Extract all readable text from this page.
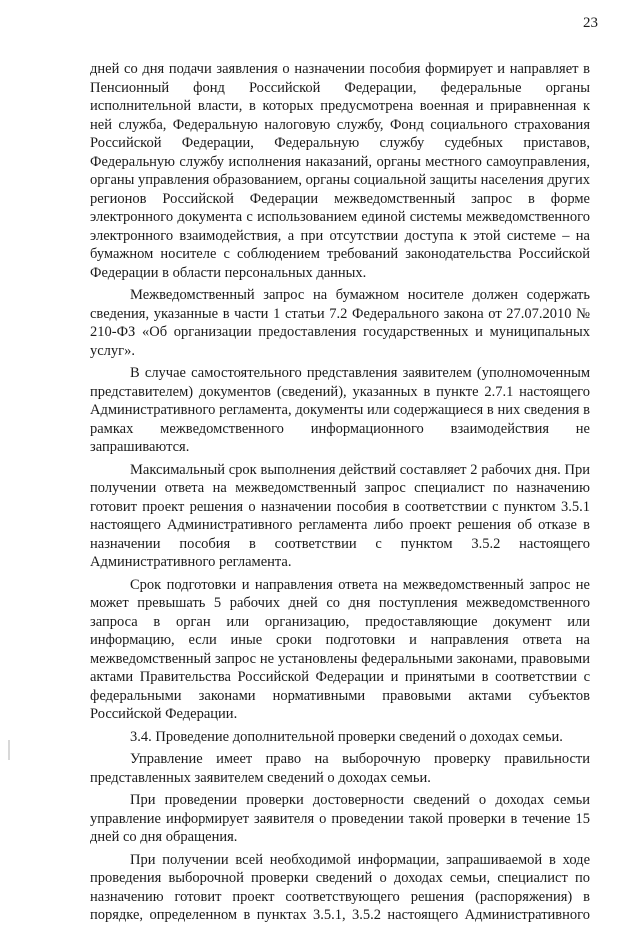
23

дней со дня подачи заявления о назначении пособия формирует и направляет в Пенсионный фонд Российской Федерации, федеральные органы исполнительной власти, в которых предусмотрена военная и приравненная к ней служба, Федеральную налоговую службу, Фонд социального страхования Российской Федерации, Федеральную службу судебных приставов, Федеральную службу исполнения наказаний, органы местного самоуправления, органы управления образованием, органы социальной защиты населения других регионов Российской Федерации межведомственный запрос в форме электронного документа с использованием единой системы межведомственного электронного взаимодействия, а при отсутствии доступа к этой системе – на бумажном носителе с соблюдением требований законодательства Российской Федерации в области персональных данных.

Межведомственный запрос на бумажном носителе должен содержать сведения, указанные в части 1 статьи 7.2 Федерального закона от 27.07.2010 № 210-ФЗ «Об организации предоставления государственных и муниципальных услуг».

В случае самостоятельного представления заявителем (уполномоченным представителем) документов (сведений), указанных в пункте 2.7.1 настоящего Административного регламента, документы или содержащиеся в них сведения в рамках межведомственного информационного взаимодействия не запрашиваются.

Максимальный срок выполнения действий составляет 2 рабочих дня. При получении ответа на межведомственный запрос специалист по назначению готовит проект решения о назначении пособия в соответствии с пунктом 3.5.1 настоящего Административного регламента либо проект решения об отказе в назначении пособия в соответствии с пунктом 3.5.2 настоящего Административного регламента.

Срок подготовки и направления ответа на межведомственный запрос не может превышать 5 рабочих дней со дня поступления межведомственного запроса в орган или организацию, предоставляющие документ или информацию, если иные сроки подготовки и направления ответа на межведомственный запрос не установлены федеральными законами, правовыми актами Правительства Российской Федерации и принятыми в соответствии с федеральными законами нормативными правовыми актами субъектов Российской Федерации.

3.4. Проведение дополнительной проверки сведений о доходах семьи.

Управление имеет право на выборочную проверку правильности представленных заявителем сведений о доходах семьи.

При проведении проверки достоверности сведений о доходах семьи управление информирует заявителя о проведении такой проверки в течение 15 дней со дня обращения.

При получении всей необходимой информации, запрашиваемой в ходе проведения выборочной проверки сведений о доходах семьи, специалист по назначению готовит проект соответствующего решения (распоряжения) в порядке, определенном в пунктах 3.5.1, 3.5.2 настоящего Административного
